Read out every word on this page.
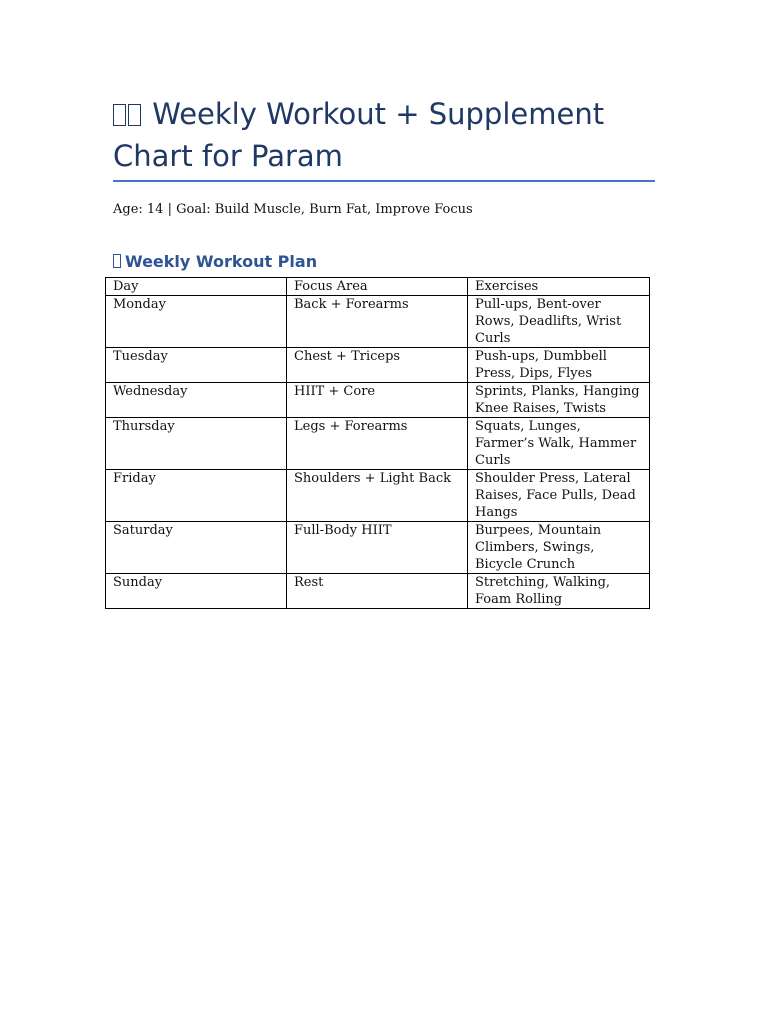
Weekly Workout + Supplement
Chart for Param
Age: 14 | Goal: Build Muscle, Burn Fat, Improve Focus
Weekly Workout Plan
Day	Focus Area	Exercises
Monday	Back + Forearms	Pull-ups, Bent-over Rows, Deadlifts, Wrist Curls
Tuesday	Chest + Triceps	Push-ups, Dumbbell Press, Dips, Flyes
Wednesday	HIIT + Core	Sprints, Planks, Hanging Knee Raises, Twists
Thursday	Legs + Forearms	Squats, Lunges, Farmer’s Walk, Hammer Curls
Friday	Shoulders + Light Back	Shoulder Press, Lateral Raises, Face Pulls, Dead Hangs
Saturday	Full-Body HIIT	Burpees, Mountain Climbers, Swings, Bicycle Crunch
Sunday	Rest	Stretching, Walking, Foam Rolling
